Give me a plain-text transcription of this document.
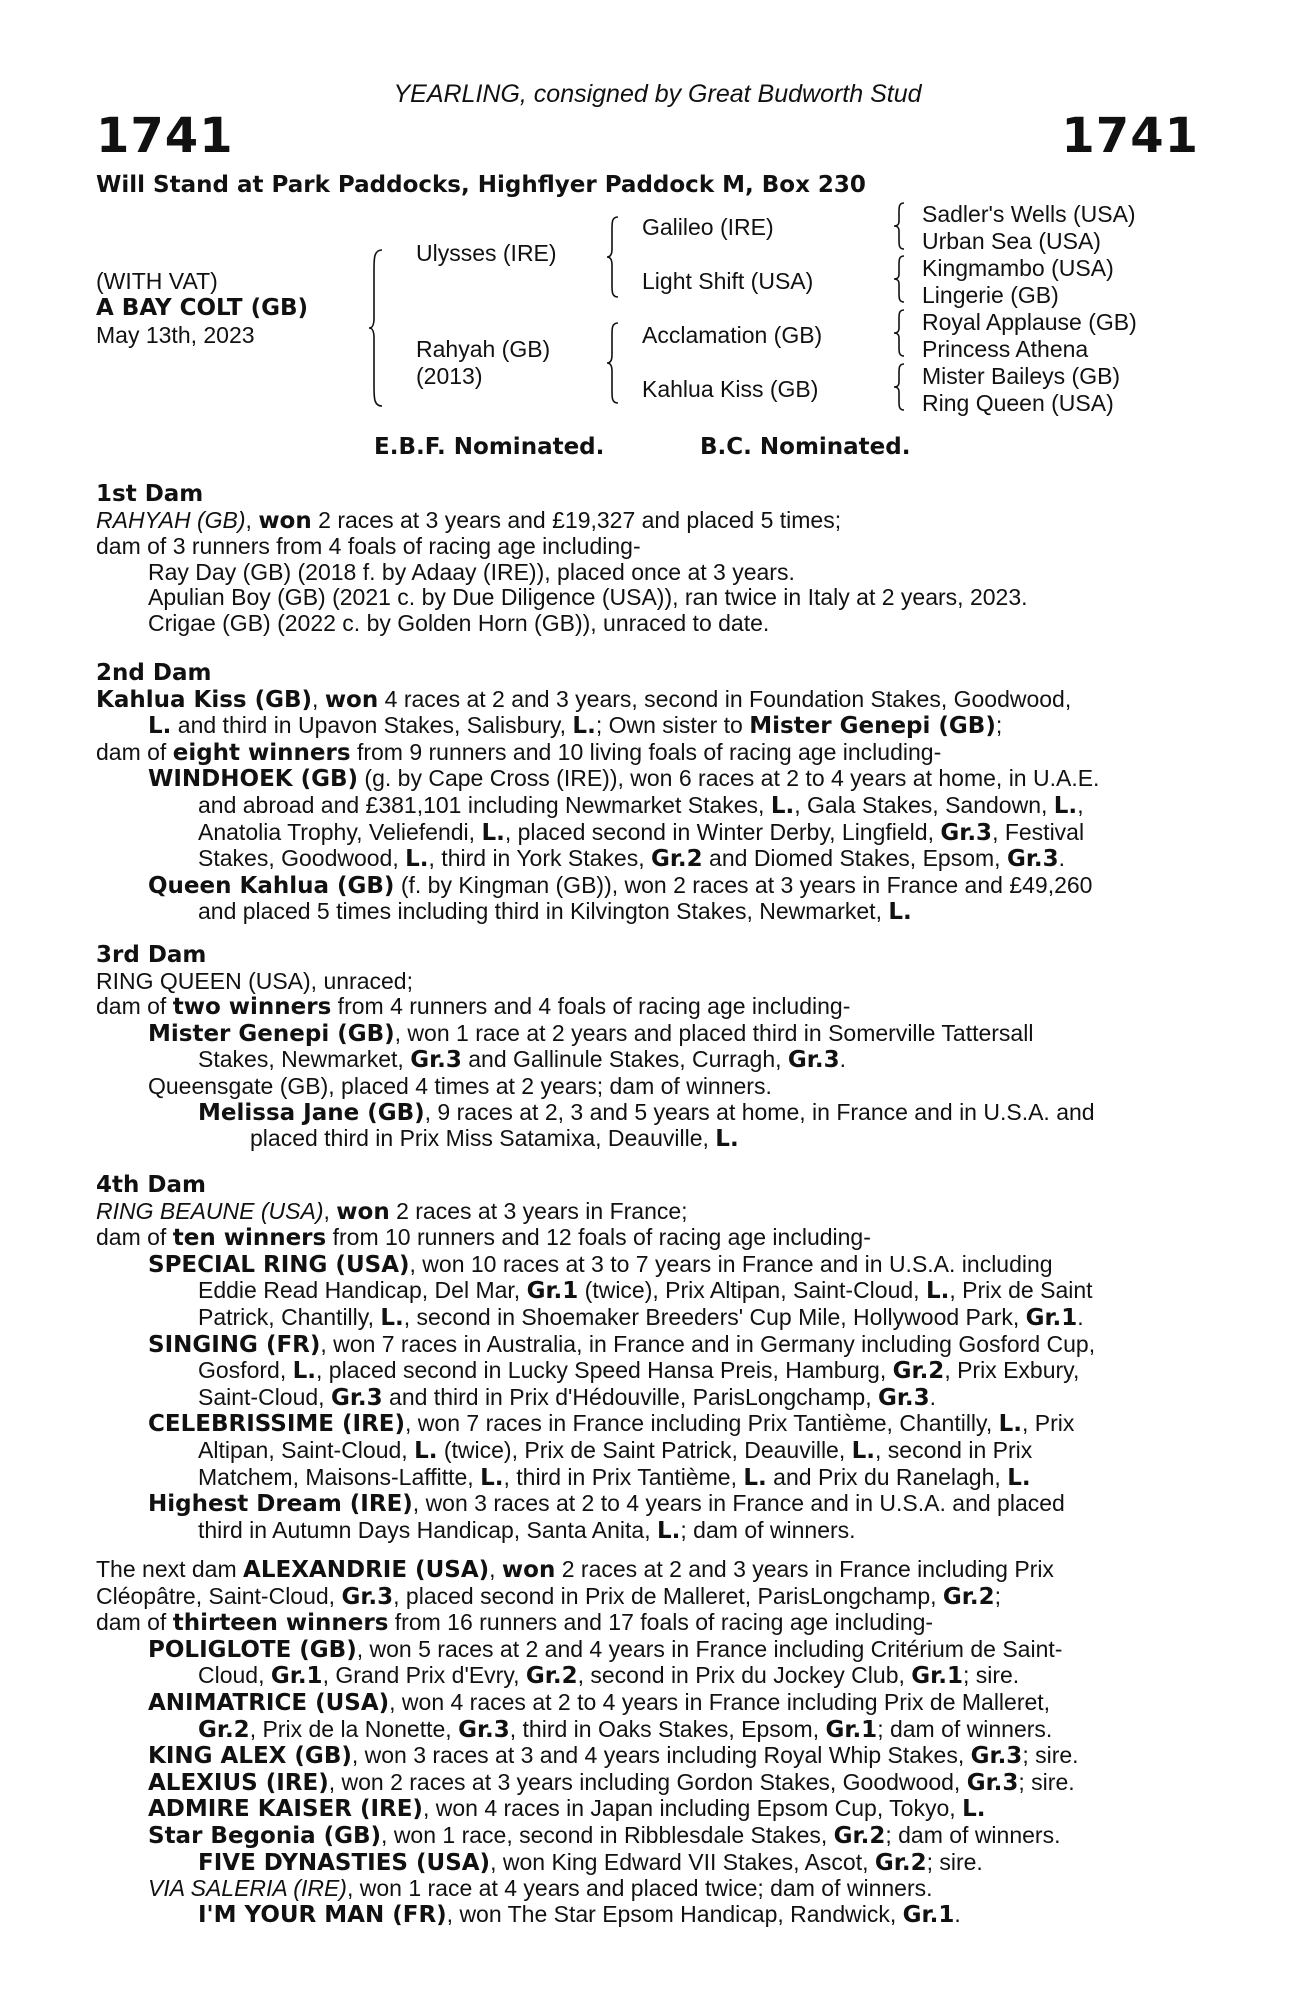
YEARLING, consigned by Great Budworth Stud
1741	1741
Will Stand at Park Paddocks, Highflyer Paddock M, Box 230
(WITH VAT)
A BAY COLT (GB)
May 13th, 2023
Ulysses (IRE)
Rahyah (GB)
(2013)
Galileo (IRE)
Light Shift (USA)
Acclamation (GB)
Kahlua Kiss (GB)
Sadler's Wells (USA)
Urban Sea (USA)
Kingmambo (USA)
Lingerie (GB)
Royal Applause (GB)
Princess Athena
Mister Baileys (GB)
Ring Queen (USA)
E.B.F. Nominated.	B.C. Nominated.
1st Dam
RAHYAH (GB), won 2 races at 3 years and £19,327 and placed 5 times;
dam of 3 runners from 4 foals of racing age including-
Ray Day (GB) (2018 f. by Adaay (IRE)), placed once at 3 years.
Apulian Boy (GB) (2021 c. by Due Diligence (USA)), ran twice in Italy at 2 years, 2023.
Crigae (GB) (2022 c. by Golden Horn (GB)), unraced to date.
2nd Dam
Kahlua Kiss (GB), won 4 races at 2 and 3 years, second in Foundation Stakes, Goodwood,
L. and third in Upavon Stakes, Salisbury, L.; Own sister to Mister Genepi (GB);
dam of eight winners from 9 runners and 10 living foals of racing age including-
WINDHOEK (GB) (g. by Cape Cross (IRE)), won 6 races at 2 to 4 years at home, in U.A.E.
and abroad and £381,101 including Newmarket Stakes, L., Gala Stakes, Sandown, L.,
Anatolia Trophy, Veliefendi, L., placed second in Winter Derby, Lingfield, Gr.3, Festival
Stakes, Goodwood, L., third in York Stakes, Gr.2 and Diomed Stakes, Epsom, Gr.3.
Queen Kahlua (GB) (f. by Kingman (GB)), won 2 races at 3 years in France and £49,260
and placed 5 times including third in Kilvington Stakes, Newmarket, L.
3rd Dam
RING QUEEN (USA), unraced;
dam of two winners from 4 runners and 4 foals of racing age including-
Mister Genepi (GB), won 1 race at 2 years and placed third in Somerville Tattersall
Stakes, Newmarket, Gr.3 and Gallinule Stakes, Curragh, Gr.3.
Queensgate (GB), placed 4 times at 2 years; dam of winners.
Melissa Jane (GB), 9 races at 2, 3 and 5 years at home, in France and in U.S.A. and
placed third in Prix Miss Satamixa, Deauville, L.
4th Dam
RING BEAUNE (USA), won 2 races at 3 years in France;
dam of ten winners from 10 runners and 12 foals of racing age including-
SPECIAL RING (USA), won 10 races at 3 to 7 years in France and in U.S.A. including
Eddie Read Handicap, Del Mar, Gr.1 (twice), Prix Altipan, Saint-Cloud, L., Prix de Saint
Patrick, Chantilly, L., second in Shoemaker Breeders' Cup Mile, Hollywood Park, Gr.1.
SINGING (FR), won 7 races in Australia, in France and in Germany including Gosford Cup,
Gosford, L., placed second in Lucky Speed Hansa Preis, Hamburg, Gr.2, Prix Exbury,
Saint-Cloud, Gr.3 and third in Prix d'Hédouville, ParisLongchamp, Gr.3.
CELEBRISSIME (IRE), won 7 races in France including Prix Tantième, Chantilly, L., Prix
Altipan, Saint-Cloud, L. (twice), Prix de Saint Patrick, Deauville, L., second in Prix
Matchem, Maisons-Laffitte, L., third in Prix Tantième, L. and Prix du Ranelagh, L.
Highest Dream (IRE), won 3 races at 2 to 4 years in France and in U.S.A. and placed
third in Autumn Days Handicap, Santa Anita, L.; dam of winners.
The next dam ALEXANDRIE (USA), won 2 races at 2 and 3 years in France including Prix
Cléopâtre, Saint-Cloud, Gr.3, placed second in Prix de Malleret, ParisLongchamp, Gr.2;
dam of thirteen winners from 16 runners and 17 foals of racing age including-
POLIGLOTE (GB), won 5 races at 2 and 4 years in France including Critérium de Saint-
Cloud, Gr.1, Grand Prix d'Evry, Gr.2, second in Prix du Jockey Club, Gr.1; sire.
ANIMATRICE (USA), won 4 races at 2 to 4 years in France including Prix de Malleret,
Gr.2, Prix de la Nonette, Gr.3, third in Oaks Stakes, Epsom, Gr.1; dam of winners.
KING ALEX (GB), won 3 races at 3 and 4 years including Royal Whip Stakes, Gr.3; sire.
ALEXIUS (IRE), won 2 races at 3 years including Gordon Stakes, Goodwood, Gr.3; sire.
ADMIRE KAISER (IRE), won 4 races in Japan including Epsom Cup, Tokyo, L.
Star Begonia (GB), won 1 race, second in Ribblesdale Stakes, Gr.2; dam of winners.
FIVE DYNASTIES (USA), won King Edward VII Stakes, Ascot, Gr.2; sire.
VIA SALERIA (IRE), won 1 race at 4 years and placed twice; dam of winners.
I'M YOUR MAN (FR), won The Star Epsom Handicap, Randwick, Gr.1.
